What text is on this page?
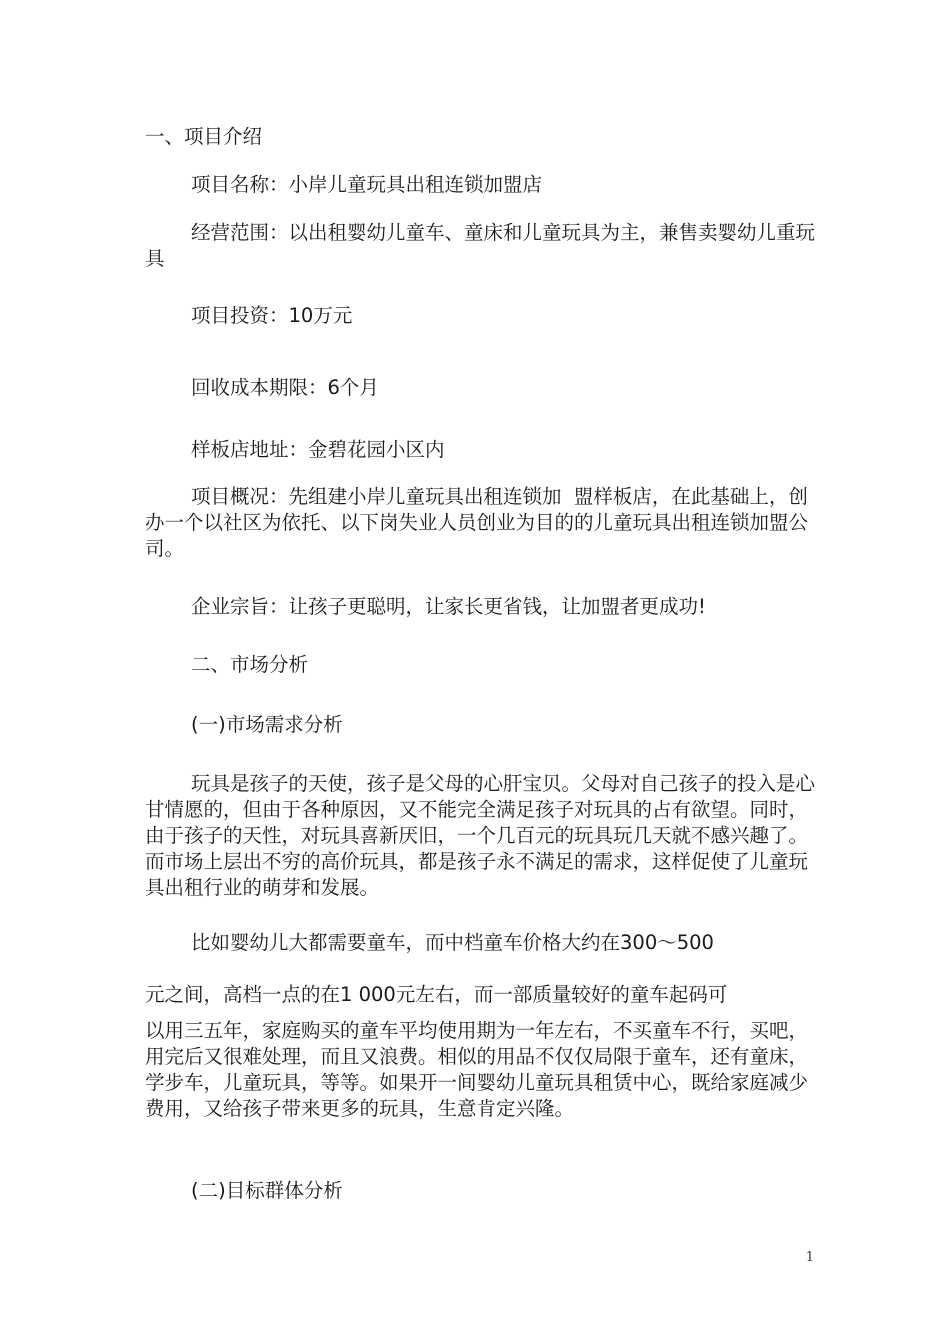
一、项目介绍

项目名称：小岸儿童玩具出租连锁加盟店

经营范围：以出租婴幼儿童车、童床和儿童玩具为主，兼售卖婴幼儿重玩具

项目投资：10万元

回收成本期限：6个月

样板店地址：金碧花园小区内

项目概况：先组建小岸儿童玩具出租连锁加  盟样板店，在此基础上，创办一个以社区为依托、以下岗失业人员创业为目的的儿童玩具出租连锁加盟公司。

企业宗旨：让孩子更聪明，让家长更省钱，让加盟者更成功!

二、市场分析

(一)市场需求分析

玩具是孩子的天使，孩子是父母的心肝宝贝。父母对自己孩子的投入是心甘情愿的，但由于各种原因，又不能完全满足孩子对玩具的占有欲望。同时，由于孩子的天性，对玩具喜新厌旧，一个几百元的玩具玩几天就不感兴趣了。而市场上层出不穷的高价玩具，都是孩子永不满足的需求，这样促使了儿童玩具出租行业的萌芽和发展。

比如婴幼儿大都需要童车，而中档童车价格大约在300～500

元之间，高档一点的在1 000元左右，而一部质量较好的童车起码可

以用三五年，家庭购买的童车平均使用期为一年左右，不买童车不行，买吧，用完后又很难处理，而且又浪费。相似的用品不仅仅局限于童车，还有童床，学步车，儿童玩具，等等。如果开一间婴幼儿童玩具租赁中心，既给家庭减少费用，又给孩子带来更多的玩具，生意肯定兴隆。

(二)目标群体分析

1
